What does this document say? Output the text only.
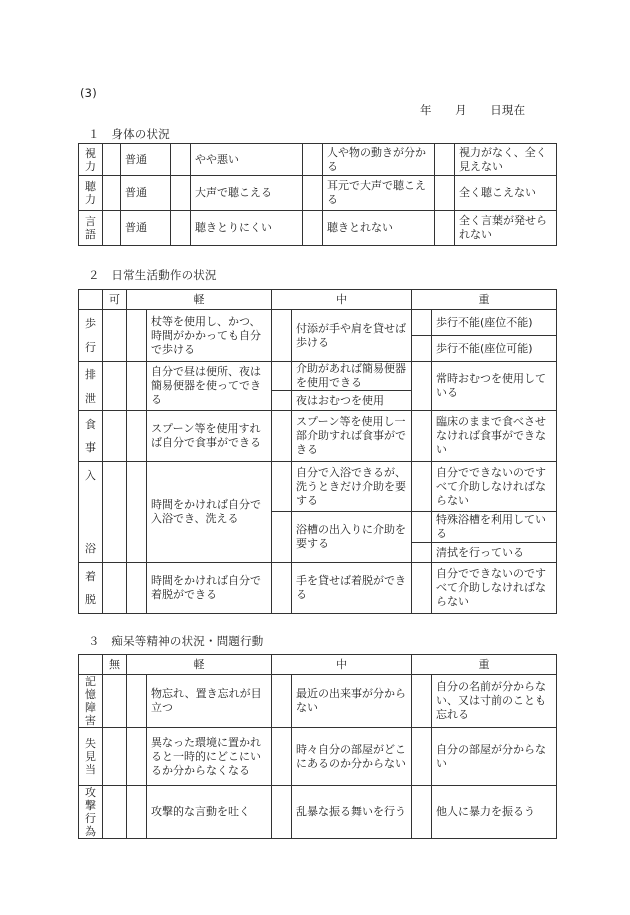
(3)
年　　月　　日現在
１　身体の状況
視力		普通		やや悪い		人や物の動きが分かる		視力がなく、全く見えない
聴力		普通		大声で聴こえる		耳元で大声で聴こえる		全く聴こえない
言語		普通		聴きとりにくい		聴きとれない		全く言葉が発せられない
２　日常生活動作の状況
	可	軽		中		重	

歩
行			杖等を使用し、かつ、時間がかかっても自分で歩ける		付添が手や肩を貸せば歩ける		歩行不能(座位不能)
							歩行不能(座位可能)

排
泄			自分で昼は便所、夜は簡易便器を使ってできる		介助があれば簡易便器を使用できる		常時おむつを使用している
					夜はおむつを使用		

食
事			スプーン等を使用すれば自分で食事ができる		スプーン等を使用し一部介助すれば食事ができる		臨床のままで食べさせなければ食事ができない

入
浴			時間をかければ自分で入浴でき、洗える		自分で入浴できるが、洗うときだけ介助を要する		自分でできないのですべて介助しなければならない
					浴槽の出入りに介助を要する		特殊浴槽を利用している
							清拭を行っている

着
脱			時間をかければ自分で着脱ができる		手を貸せば着脱ができる		自分でできないのですべて介助しなければならない
３　痴呆等精神の状況・問題行動
	無	軽		中		重	
記憶障害			物忘れ、置き忘れが目立つ		最近の出来事が分からない		自分の名前が分からない、又は寸前のことも忘れる
失見当			異なった環境に置かれると一時的にどこにいるか分からなくなる		時々自分の部屋がどこにあるのか分からない		自分の部屋が分からない
攻撃行為			攻撃的な言動を吐く		乱暴な振る舞いを行う		他人に暴力を振るう
